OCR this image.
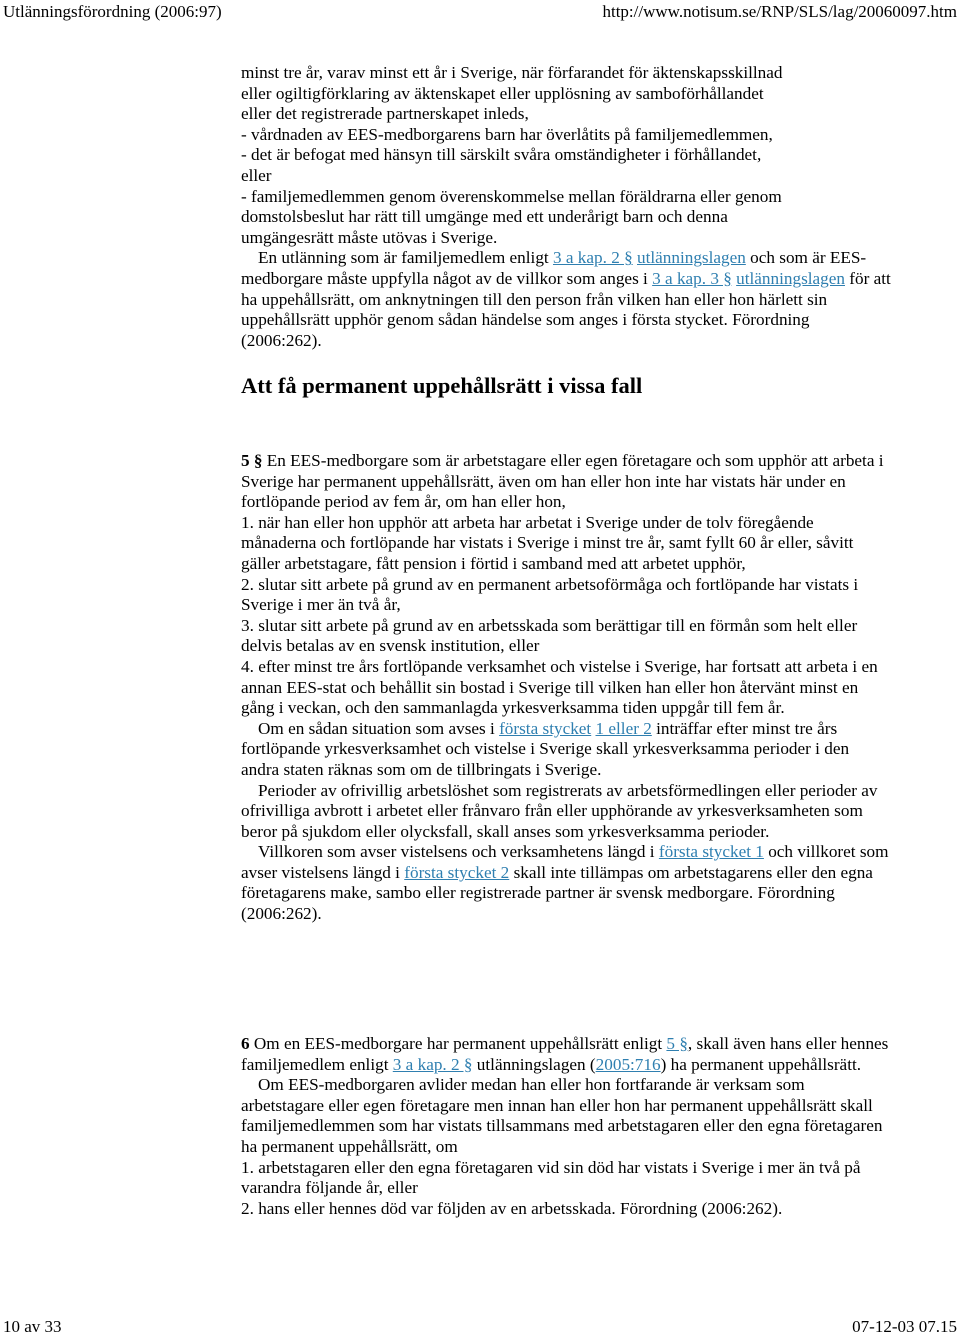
Utlänningsförordning (2006:97)	http://www.notisum.se/RNP/SLS/lag/20060097.htm
minst tre år, varav minst ett år i Sverige, när förfarandet för äktenskapsskillnad
eller ogiltigförklaring av äktenskapet eller upplösning av samboförhållandet
eller det registrerade partnerskapet inleds,
- vårdnaden av EES-medborgarens barn har överlåtits på familjemedlemmen,
- det är befogat med hänsyn till särskilt svåra omständigheter i förhållandet,
eller
- familjemedlemmen genom överenskommelse mellan föräldrarna eller genom
domstolsbeslut har rätt till umgänge med ett underårigt barn och denna
umgängesrätt måste utövas i Sverige.

En utlänning som är familjemedlem enligt 3 a kap. 2 § utlänningslagen och som är EES-medborgare måste uppfylla något av de villkor som anges i 3 a kap. 3 § utlänningslagen för att ha uppehållsrätt, om anknytningen till den person från vilken han eller hon härlett sin uppehållsrätt upphör genom sådan händelse som anges i första stycket. Förordning (2006:262).

Att få permanent uppehållsrätt i vissa fall

5 § En EES-medborgare som är arbetstagare eller egen företagare och som upphör att arbeta i Sverige har permanent uppehållsrätt, även om han eller hon inte har vistats här under en fortlöpande period av fem år, om han eller hon,

1. när han eller hon upphör att arbeta har arbetat i Sverige under de tolv föregående månaderna och fortlöpande har vistats i Sverige i minst tre år, samt fyllt 60 år eller, såvitt gäller arbetstagare, fått pension i förtid i samband med att arbetet upphör,

2. slutar sitt arbete på grund av en permanent arbetsoförmåga och fortlöpande har vistats i Sverige i mer än två år,

3. slutar sitt arbete på grund av en arbetsskada som berättigar till en förmån som helt eller delvis betalas av en svensk institution, eller

4. efter minst tre års fortlöpande verksamhet och vistelse i Sverige, har fortsatt att arbeta i en annan EES-stat och behållit sin bostad i Sverige till vilken han eller hon återvänt minst en gång i veckan, och den sammanlagda yrkesverksamma tiden uppgår till fem år.

Om en sådan situation som avses i första stycket 1 eller 2 inträffar efter minst tre års fortlöpande yrkesverksamhet och vistelse i Sverige skall yrkesverksamma perioder i den andra staten räknas som om de tillbringats i Sverige.

Perioder av ofrivillig arbetslöshet som registrerats av arbetsförmedlingen eller perioder av ofrivilliga avbrott i arbetet eller frånvaro från eller upphörande av yrkesverksamheten som beror på sjukdom eller olycksfall, skall anses som yrkesverksamma perioder.

Villkoren som avser vistelsens och verksamhetens längd i första stycket 1 och villkoret som avser vistelsens längd i första stycket 2 skall inte tillämpas om arbetstagarens eller den egna företagarens make, sambo eller registrerade partner är svensk medborgare. Förordning (2006:262).

6 Om en EES-medborgare har permanent uppehållsrätt enligt 5 §, skall även hans eller hennes familjemedlem enligt 3 a kap. 2 § utlänningslagen (2005:716) ha permanent uppehållsrätt.

Om EES-medborgaren avlider medan han eller hon fortfarande är verksam som arbetstagare eller egen företagare men innan han eller hon har permanent uppehållsrätt skall familjemedlemmen som har vistats tillsammans med arbetstagaren eller den egna företagaren ha permanent uppehållsrätt, om

1. arbetstagaren eller den egna företagaren vid sin död har vistats i Sverige i mer än två på varandra följande år, eller

2. hans eller hennes död var följden av en arbetsskada. Förordning (2006:262).

10 av 33	07-12-03 07.15
